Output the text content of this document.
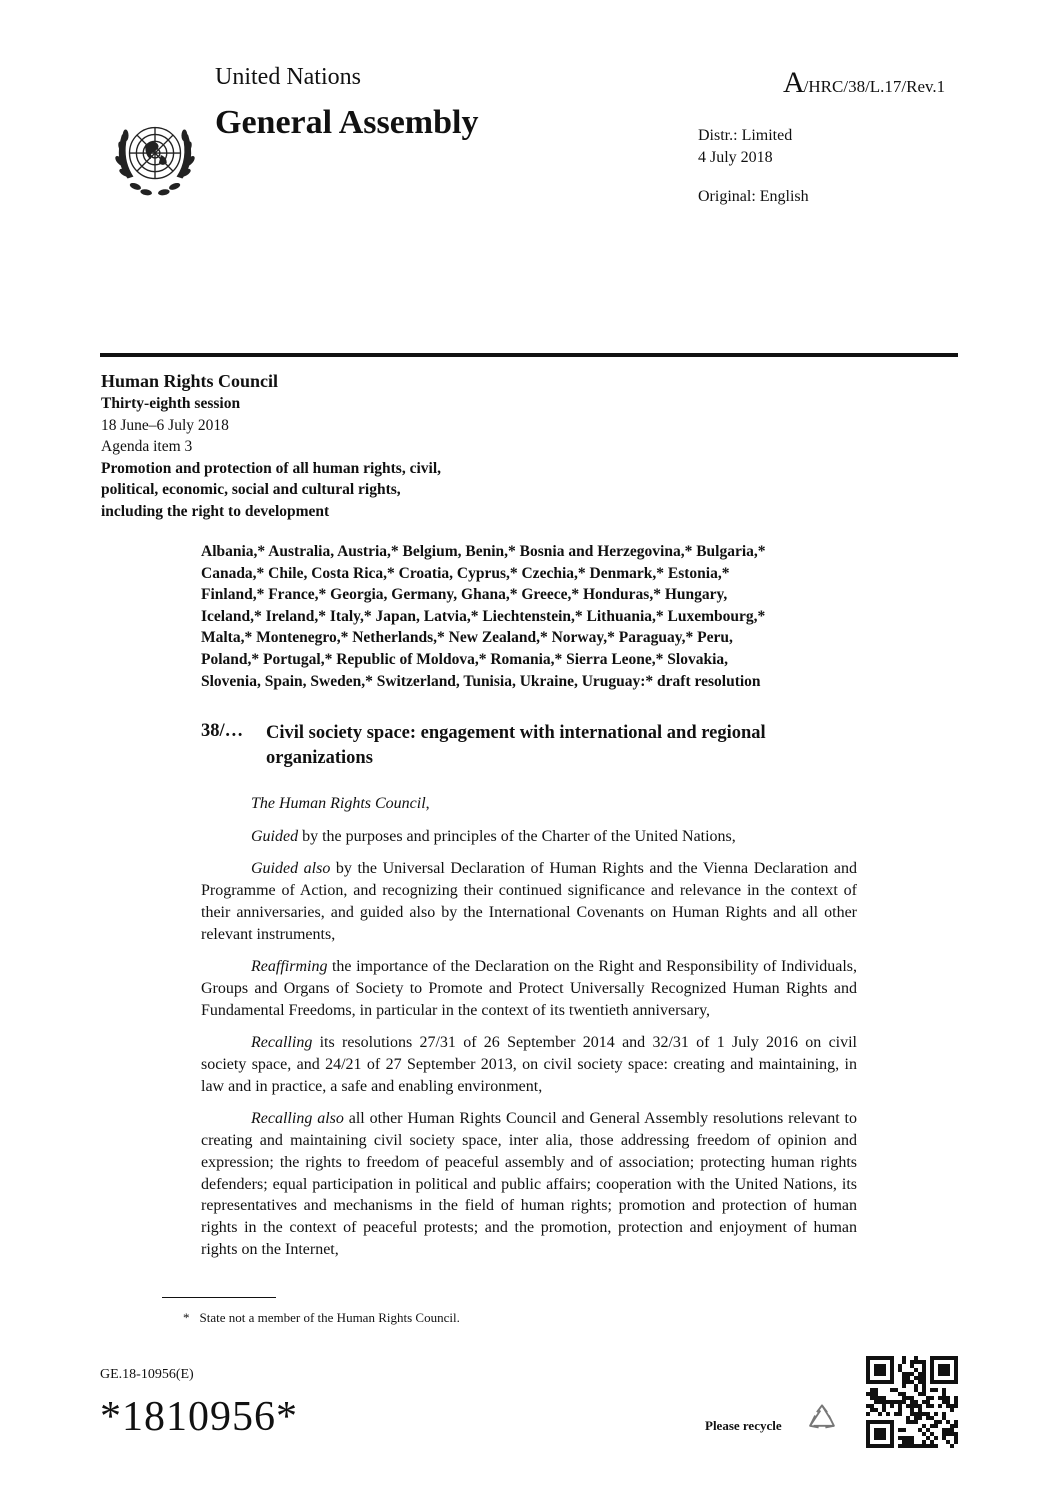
United Nations	A/HRC/38/L.17/Rev.1
General Assembly	Distr.: Limited
4 July 2018
Original: English
Human Rights Council
Thirty-eighth session
18 June–6 July 2018
Agenda item 3
Promotion and protection of all human rights, civil,
political, economic, social and cultural rights,
including the right to development
Albania,* Australia, Austria,* Belgium, Benin,* Bosnia and Herzegovina,* Bulgaria,*
Canada,* Chile, Costa Rica,* Croatia, Cyprus,* Czechia,* Denmark,* Estonia,*
Finland,* France,* Georgia, Germany, Ghana,* Greece,* Honduras,* Hungary,
Iceland,* Ireland,* Italy,* Japan, Latvia,* Liechtenstein,* Lithuania,* Luxembourg,*
Malta,* Montenegro,* Netherlands,* New Zealand,* Norway,* Paraguay,* Peru,
Poland,* Portugal,* Republic of Moldova,* Romania,* Sierra Leone,* Slovakia,
Slovenia, Spain, Sweden,* Switzerland, Tunisia, Ukraine, Uruguay:* draft resolution
38/… Civil society space: engagement with international and regional
organizations

The Human Rights Council,

Guided by the purposes and principles of the Charter of the United Nations,

Guided also by the Universal Declaration of Human Rights and the Vienna Declaration and Programme of Action, and recognizing their continued significance and relevance in the context of their anniversaries, and guided also by the International Covenants on Human Rights and all other relevant instruments,

Reaffirming the importance of the Declaration on the Right and Responsibility of Individuals, Groups and Organs of Society to Promote and Protect Universally Recognized Human Rights and Fundamental Freedoms, in particular in the context of its twentieth anniversary,

Recalling its resolutions 27/31 of 26 September 2014 and 32/31 of 1 July 2016 on civil society space, and 24/21 of 27 September 2013, on civil society space: creating and maintaining, in law and in practice, a safe and enabling environment,

Recalling also all other Human Rights Council and General Assembly resolutions relevant to creating and maintaining civil society space, inter alia, those addressing freedom of opinion and expression; the rights to freedom of peaceful assembly and of association; protecting human rights defenders; equal participation in political and public affairs; cooperation with the United Nations, its representatives and mechanisms in the field of human rights; promotion and protection of human rights in the context of peaceful protests; and the promotion, protection and enjoyment of human rights on the Internet,

* State not a member of the Human Rights Council.
GE.18-10956(E)
*1810956*	Please recycle
